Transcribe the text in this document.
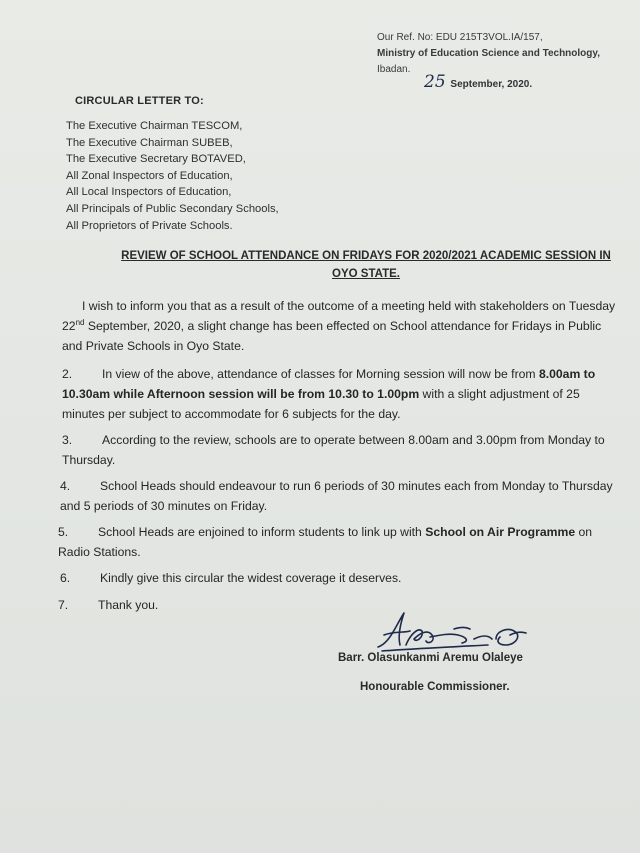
Our Ref. No: EDU 215T3VOL.IA/157,
Ministry of Education Science and Technology,
Ibadan.
25 September, 2020.
CIRCULAR LETTER TO:
The Executive Chairman TESCOM,
The Executive Chairman SUBEB,
The Executive Secretary BOTAVED,
All Zonal Inspectors of Education,
All Local Inspectors of Education,
All Principals of Public Secondary Schools,
All Proprietors of Private Schools.
REVIEW OF SCHOOL ATTENDANCE ON FRIDAYS FOR 2020/2021 ACADEMIC SESSION IN OYO STATE.
I wish to inform you that as a result of the outcome of a meeting held with stakeholders on Tuesday 22nd September, 2020, a slight change has been effected on School attendance for Fridays in Public and Private Schools in Oyo State.
2. In view of the above, attendance of classes for Morning session will now be from 8.00am to 10.30am while Afternoon session will be from 10.30 to 1.00pm with a slight adjustment of 25 minutes per subject to accommodate for 6 subjects for the day.
3. According to the review, schools are to operate between 8.00am and 3.00pm from Monday to Thursday.
4. School Heads should endeavour to run 6 periods of 30 minutes each from Monday to Thursday and 5 periods of 30 minutes on Friday.
5. School Heads are enjoined to inform students to link up with School on Air Programme on Radio Stations.
6. Kindly give this circular the widest coverage it deserves.
7. Thank you.
Barr. Olasunkanmi Aremu Olaleye
Honourable Commissioner.
